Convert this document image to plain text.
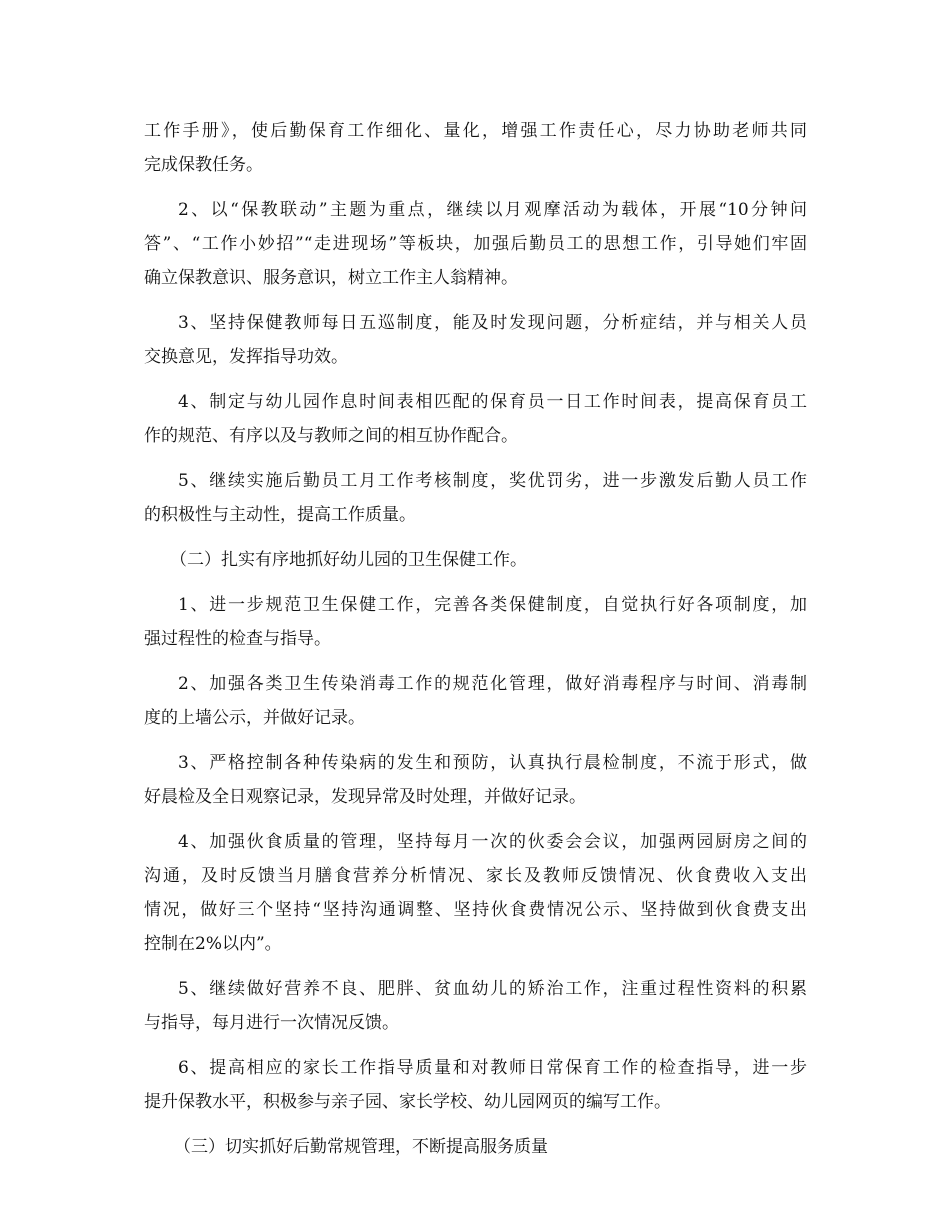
工作手册》，使后勤保育工作细化、量化，增强工作责任心，尽力协助老师共同
完成保教任务。
2、以“保教联动”主题为重点，继续以月观摩活动为载体，开展“10分钟问
答”、“工作小妙招”“走进现场”等板块，加强后勤员工的思想工作，引导她们牢固
确立保教意识、服务意识，树立工作主人翁精神。
3、坚持保健教师每日五巡制度，能及时发现问题，分析症结，并与相关人员
交换意见，发挥指导功效。
4、制定与幼儿园作息时间表相匹配的保育员一日工作时间表，提高保育员工
作的规范、有序以及与教师之间的相互协作配合。
5、继续实施后勤员工月工作考核制度，奖优罚劣，进一步激发后勤人员工作
的积极性与主动性，提高工作质量。
（二）扎实有序地抓好幼儿园的卫生保健工作。
1、进一步规范卫生保健工作，完善各类保健制度，自觉执行好各项制度，加
强过程性的检查与指导。
2、加强各类卫生传染消毒工作的规范化管理，做好消毒程序与时间、消毒制
度的上墙公示，并做好记录。
3、严格控制各种传染病的发生和预防，认真执行晨检制度，不流于形式，做
好晨检及全日观察记录，发现异常及时处理，并做好记录。
4、加强伙食质量的管理，坚持每月一次的伙委会会议，加强两园厨房之间的
沟通，及时反馈当月膳食营养分析情况、家长及教师反馈情况、伙食费收入支出
情况，做好三个坚持“坚持沟通调整、坚持伙食费情况公示、坚持做到伙食费支出
控制在2%以内”。
5、继续做好营养不良、肥胖、贫血幼儿的矫治工作，注重过程性资料的积累
与指导，每月进行一次情况反馈。
6、提高相应的家长工作指导质量和对教师日常保育工作的检查指导，进一步
提升保教水平，积极参与亲子园、家长学校、幼儿园网页的编写工作。
（三）切实抓好后勤常规管理，不断提高服务质量
